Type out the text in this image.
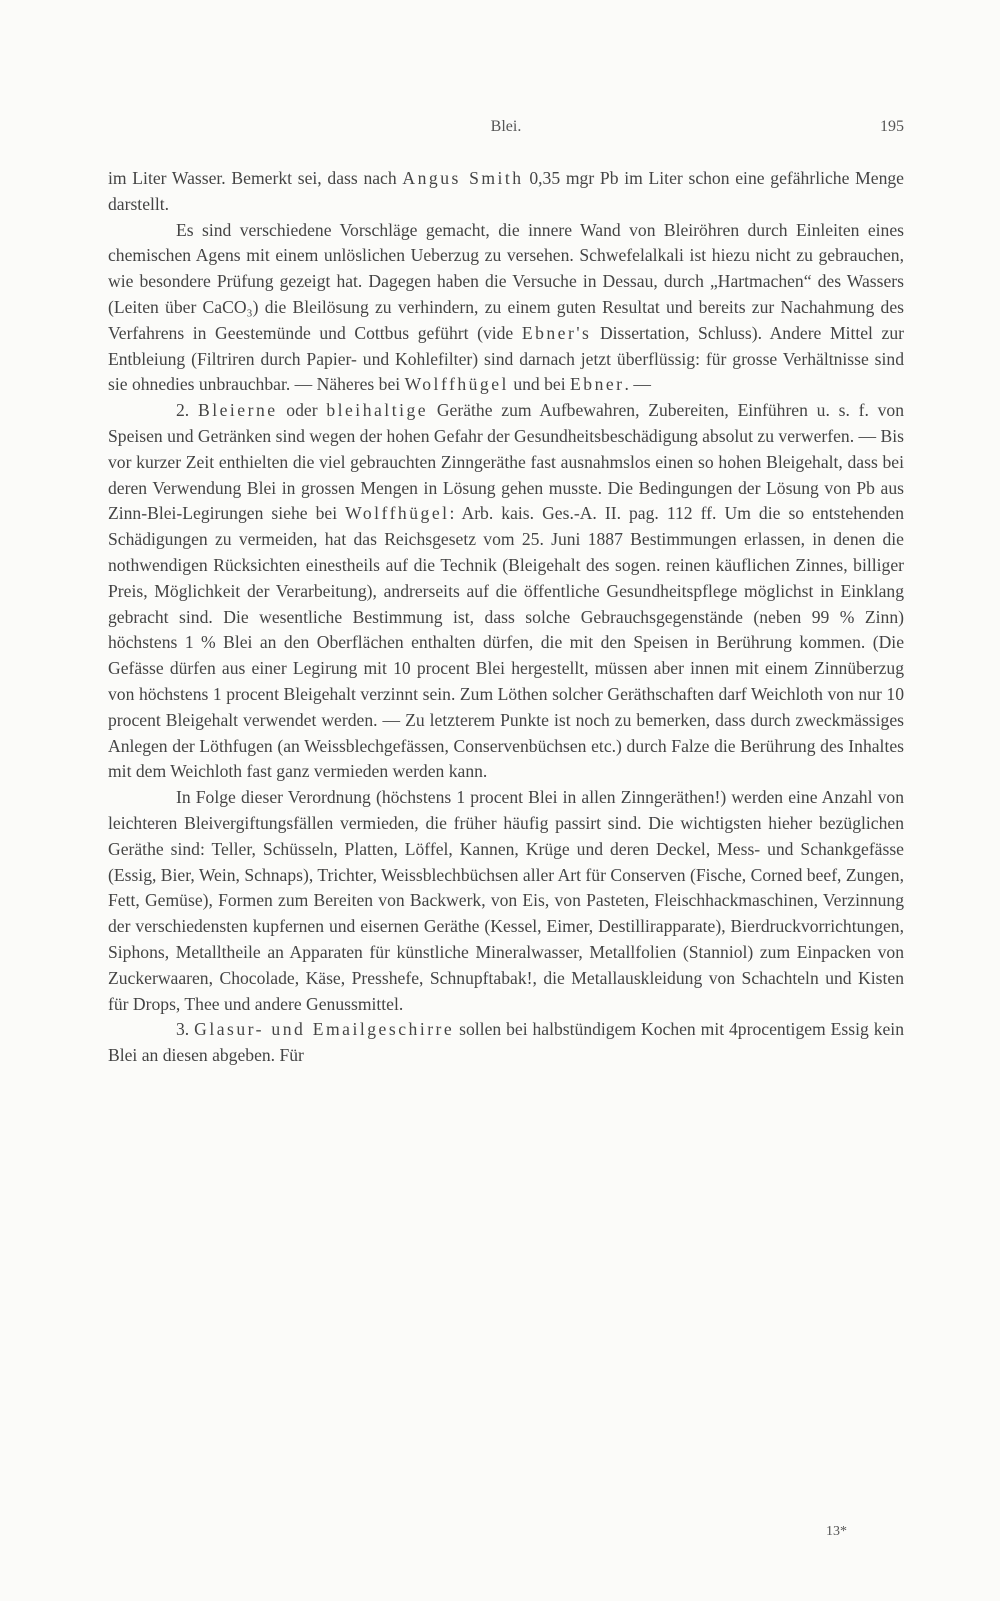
Blei.	195

im Liter Wasser. Bemerkt sei, dass nach Angus Smith 0,35 mgr Pb im Liter schon eine gefährliche Menge darstellt.

Es sind verschiedene Vorschläge gemacht, die innere Wand von Bleiröhren durch Einleiten eines chemischen Agens mit einem unlöslichen Ueberzug zu versehen. Schwefelalkali ist hiezu nicht zu gebrauchen, wie besondere Prüfung gezeigt hat. Dagegen haben die Versuche in Dessau, durch „Hartmachen“ des Wassers (Leiten über CaCO₃) die Bleilösung zu verhindern, zu einem guten Resultat und bereits zur Nachahmung des Verfahrens in Geestemünde und Cottbus geführt (vide Ebner's Dissertation, Schluss). Andere Mittel zur Entbleiung (Filtriren durch Papier- und Kohlefilter) sind darnach jetzt überflüssig: für grosse Verhältnisse sind sie ohnedies unbrauchbar. — Näheres bei Wolffhügel und bei Ebner. —

2. Bleierne oder bleihaltige Geräthe zum Aufbewahren, Zubereiten, Einführen u. s. f. von Speisen und Getränken sind wegen der hohen Gefahr der Gesundheitsbeschädigung absolut zu verwerfen. — Bis vor kurzer Zeit enthielten die viel gebrauchten Zinngeräthe fast ausnahmslos einen so hohen Bleigehalt, dass bei deren Verwendung Blei in grossen Mengen in Lösung gehen musste. Die Bedingungen der Lösung von Pb aus Zinn-Blei-Legirungen siehe bei Wolffhügel: Arb. kais. Ges.-A. II. pag. 112 ff. Um die so entstehenden Schädigungen zu vermeiden, hat das Reichsgesetz vom 25. Juni 1887 Bestimmungen erlassen, in denen die nothwendigen Rücksichten einestheils auf die Technik (Bleigehalt des sogen. reinen käuflichen Zinnes, billiger Preis, Möglichkeit der Verarbeitung), andrerseits auf die öffentliche Gesundheitspflege möglichst in Einklang gebracht sind. Die wesentliche Bestimmung ist, dass solche Gebrauchsgegenstände (neben 99 % Zinn) höchstens 1 % Blei an den Oberflächen enthalten dürfen, die mit den Speisen in Berührung kommen. (Die Gefässe dürfen aus einer Legirung mit 10 procent Blei hergestellt, müssen aber innen mit einem Zinnüberzug von höchstens 1 procent Bleigehalt verzinnt sein. Zum Löthen solcher Geräthschaften darf Weichloth von nur 10 procent Bleigehalt verwendet werden. — Zu letzterem Punkte ist noch zu bemerken, dass durch zweckmässiges Anlegen der Löthfugen (an Weissblechgefässen, Conservenbüchsen etc.) durch Falze die Berührung des Inhaltes mit dem Weichloth fast ganz vermieden werden kann.

In Folge dieser Verordnung (höchstens 1 procent Blei in allen Zinngeräthen!) werden eine Anzahl von leichteren Bleivergiftungsfällen vermieden, die früher häufig passirt sind. Die wichtigsten hieher bezüglichen Geräthe sind: Teller, Schüsseln, Platten, Löffel, Kannen, Krüge und deren Deckel, Mess- und Schankgefässe (Essig, Bier, Wein, Schnaps), Trichter, Weissblechbüchsen aller Art für Conserven (Fische, Corned beef, Zungen, Fett, Gemüse), Formen zum Bereiten von Backwerk, von Eis, von Pasteten, Fleischhackmaschinen, Verzinnung der verschiedensten kupfernen und eisernen Geräthe (Kessel, Eimer, Destillirapparate), Bierdruckvorrichtungen, Siphons, Metalltheile an Apparaten für künstliche Mineralwasser, Metallfolien (Stanniol) zum Einpacken von Zuckerwaaren, Chocolade, Käse, Presshefe, Schnupftabak!, die Metallauskleidung von Schachteln und Kisten für Drops, Thee und andere Genussmittel.

3. Glasur- und Emailgeschirre sollen bei halbstündigem Kochen mit 4procentigem Essig kein Blei an diesen abgeben. Für

13*
